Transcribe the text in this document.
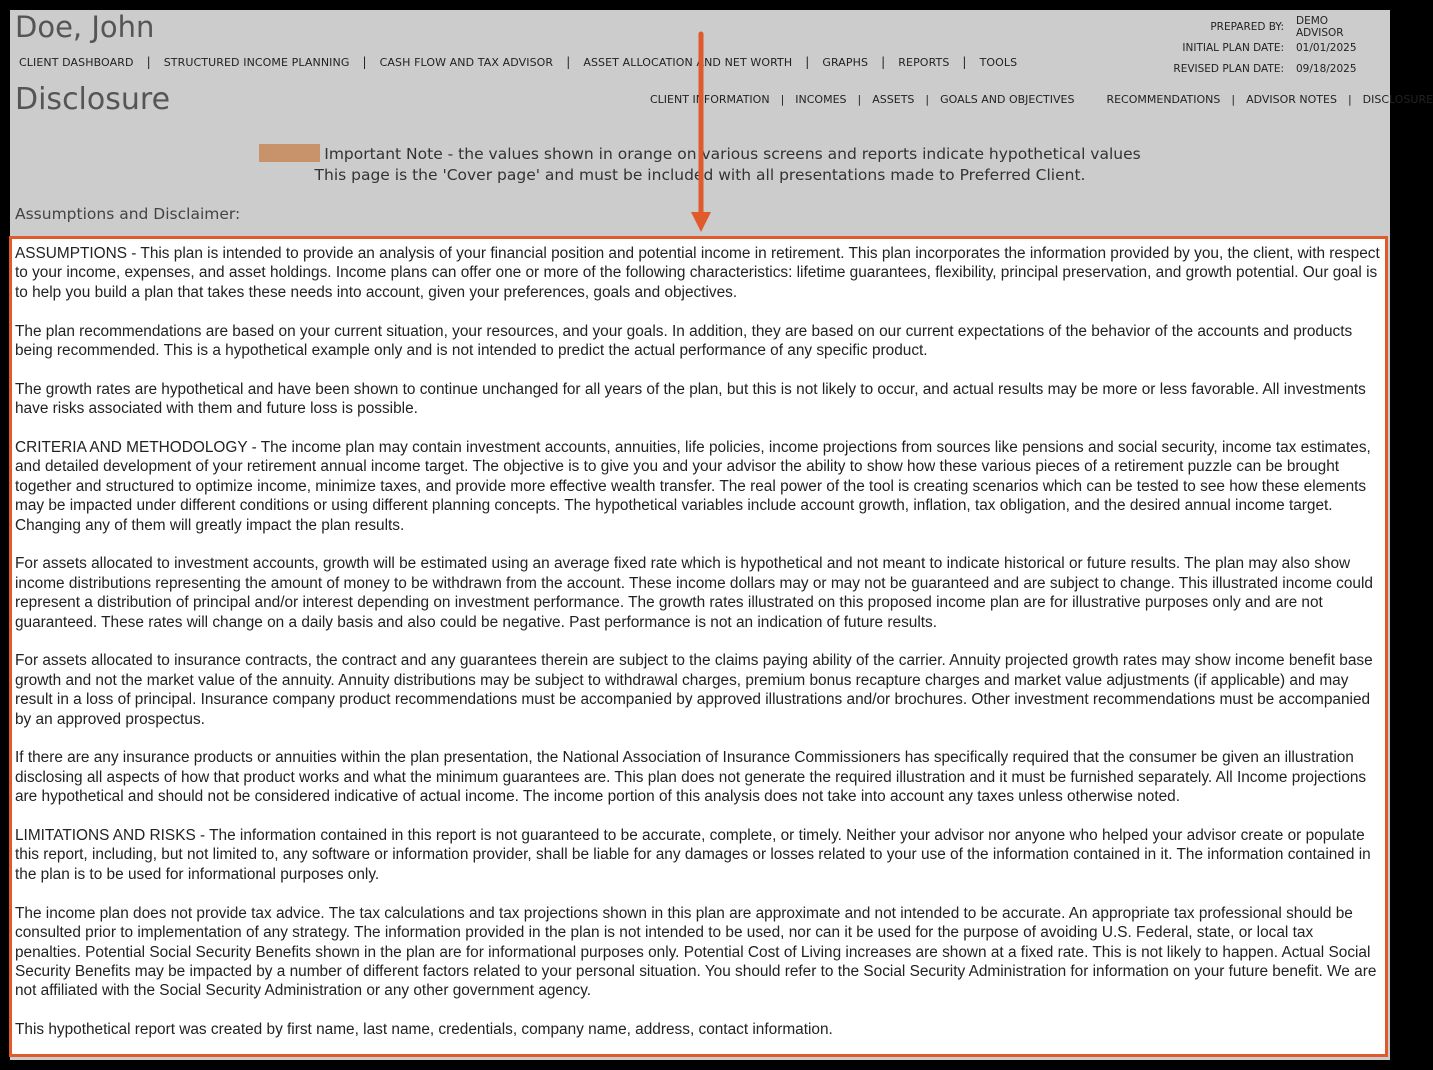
Doe, John
CLIENT DASHBOARD | STRUCTURED INCOME PLANNING | CASH FLOW AND TAX ADVISOR | ASSET ALLOCATION AND NET WORTH | GRAPHS | REPORTS | TOOLS
PREPARED BY: DEMO ADVISOR
INITIAL PLAN DATE: 01/01/2025
REVISED PLAN DATE: 09/18/2025
Disclosure	CLIENT INFORMATION | INCOMES | ASSETS | GOALS AND OBJECTIVES	RECOMMENDATIONS | ADVISOR NOTES | DISCLOSURE
Important Note - the values shown in orange on various screens and reports indicate hypothetical values
This page is the 'Cover page' and must be included with all presentations made to Preferred Client.
Assumptions and Disclaimer:

ASSUMPTIONS - This plan is intended to provide an analysis of your financial position and potential income in retirement. This plan incorporates the information provided by you, the client, with respect to your income, expenses, and asset holdings. Income plans can offer one or more of the following characteristics: lifetime guarantees, flexibility, principal preservation, and growth potential. Our goal is to help you build a plan that takes these needs into account, given your preferences, goals and objectives.

The plan recommendations are based on your current situation, your resources, and your goals. In addition, they are based on our current expectations of the behavior of the accounts and products being recommended. This is a hypothetical example only and is not intended to predict the actual performance of any specific product.

The growth rates are hypothetical and have been shown to continue unchanged for all years of the plan, but this is not likely to occur, and actual results may be more or less favorable. All investments have risks associated with them and future loss is possible.

CRITERIA AND METHODOLOGY - The income plan may contain investment accounts, annuities, life policies, income projections from sources like pensions and social security, income tax estimates, and detailed development of your retirement annual income target. The objective is to give you and your advisor the ability to show how these various pieces of a retirement puzzle can be brought together and structured to optimize income, minimize taxes, and provide more effective wealth transfer. The real power of the tool is creating scenarios which can be tested to see how these elements may be impacted under different conditions or using different planning concepts. The hypothetical variables include account growth, inflation, tax obligation, and the desired annual income target. Changing any of them will greatly impact the plan results.

For assets allocated to investment accounts, growth will be estimated using an average fixed rate which is hypothetical and not meant to indicate historical or future results. The plan may also show income distributions representing the amount of money to be withdrawn from the account. These income dollars may or may not be guaranteed and are subject to change. This illustrated income could represent a distribution of principal and/or interest depending on investment performance. The growth rates illustrated on this proposed income plan are for illustrative purposes only and are not guaranteed. These rates will change on a daily basis and also could be negative. Past performance is not an indication of future results.

For assets allocated to insurance contracts, the contract and any guarantees therein are subject to the claims paying ability of the carrier. Annuity projected growth rates may show income benefit base growth and not the market value of the annuity. Annuity distributions may be subject to withdrawal charges, premium bonus recapture charges and market value adjustments (if applicable) and may result in a loss of principal. Insurance company product recommendations must be accompanied by approved illustrations and/or brochures. Other investment recommendations must be accompanied by an approved prospectus.

If there are any insurance products or annuities within the plan presentation, the National Association of Insurance Commissioners has specifically required that the consumer be given an illustration disclosing all aspects of how that product works and what the minimum guarantees are. This plan does not generate the required illustration and it must be furnished separately. All Income projections are hypothetical and should not be considered indicative of actual income. The income portion of this analysis does not take into account any taxes unless otherwise noted.

LIMITATIONS AND RISKS - The information contained in this report is not guaranteed to be accurate, complete, or timely. Neither your advisor nor anyone who helped your advisor create or populate this report, including, but not limited to, any software or information provider, shall be liable for any damages or losses related to your use of the information contained in it. The information contained in the plan is to be used for informational purposes only.

The income plan does not provide tax advice. The tax calculations and tax projections shown in this plan are approximate and not intended to be accurate. An appropriate tax professional should be consulted prior to implementation of any strategy. The information provided in the plan is not intended to be used, nor can it be used for the purpose of avoiding U.S. Federal, state, or local tax penalties. Potential Social Security Benefits shown in the plan are for informational purposes only. Potential Cost of Living increases are shown at a fixed rate. This is not likely to happen. Actual Social Security Benefits may be impacted by a number of different factors related to your personal situation. You should refer to the Social Security Administration for information on your future benefit. We are not affiliated with the Social Security Administration or any other government agency.

This hypothetical report was created by first name, last name, credentials, company name, address, contact information.
